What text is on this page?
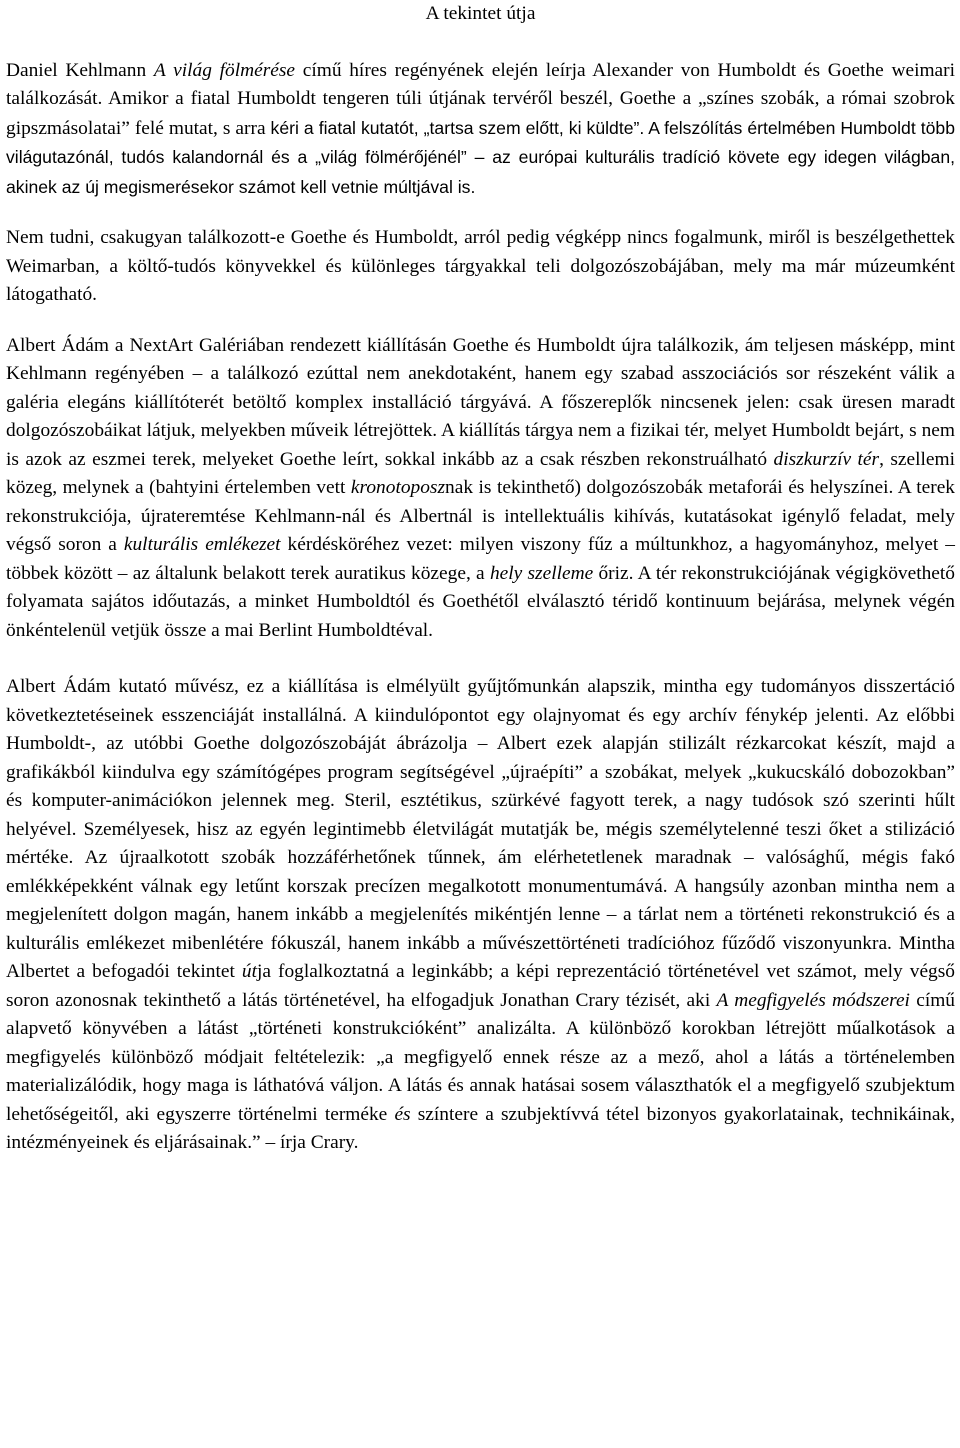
A tekintet útja

Daniel Kehlmann A világ fölmérése című híres regényének elején leírja Alexander von Humboldt és Goethe weimari találkozását. Amikor a fiatal Humboldt tengeren túli útjának tervéről beszél, Goethe a „színes szobák, a római szobrok gipszmásolatai” felé mutat, s arra kéri a fiatal kutatót, „tartsa szem előtt, ki küldte”. A felszólítás értelmében Humboldt több világutazónál, tudós kalandornál és a „világ fölmérőjénél” – az európai kulturális tradíció követe egy idegen világban, akinek az új megismerésekor számot kell vetnie múltjával is.

Nem tudni, csakugyan találkozott-e Goethe és Humboldt, arról pedig végképp nincs fogalmunk, miről is beszélgethettek Weimarban, a költő-tudós könyvekkel és különleges tárgyakkal teli dolgozószobájában, mely ma már múzeumként látogatható.

Albert Ádám a NextArt Galériában rendezett kiállításán Goethe és Humboldt újra találkozik, ám teljesen másképp, mint Kehlmann regényében – a találkozó ezúttal nem anekdotaként, hanem egy szabad asszociációs sor részeként válik a galéria elegáns kiállítóterét betöltő komplex installáció tárgyává. A főszereplők nincsenek jelen: csak üresen maradt dolgozószobáikat látjuk, melyekben műveik létrejöttek. A kiállítás tárgya nem a fizikai tér, melyet Humboldt bejárt, s nem is azok az eszmei terek, melyeket Goethe leírt, sokkal inkább az a csak részben rekonstruálható diszkurzív tér, szellemi közeg, melynek a (bahtyini értelemben vett kronotoposznak is tekinthető) dolgozószobák metaforái és helyszínei. A terek rekonstrukciója, újrateremtése Kehlmann-nál és Albertnál is intellektuális kihívás, kutatásokat igénylő feladat, mely végső soron a kulturális emlékezet kérdésköréhez vezet: milyen viszony fűz a múltunkhoz, a hagyományhoz, melyet – többek között – az általunk belakott terek auratikus közege, a hely szelleme őriz. A tér rekonstrukciójának végigkövethető folyamata sajátos időutazás, a minket Humboldtól és Goethétől elválasztó téridő kontinuum bejárása, melynek végén önkéntelenül vetjük össze a mai Berlint Humboldtéval.

Albert Ádám kutató művész, ez a kiállítása is elmélyült gyűjtőmunkán alapszik, mintha egy tudományos disszertáció következtetéseinek esszenciáját installálná. A kiindulópontot egy olajnyomat és egy archív fénykép jelenti. Az előbbi Humboldt-, az utóbbi Goethe dolgozószobáját ábrázolja – Albert ezek alapján stilizált rézkarcokat készít, majd a grafikákból kiindulva egy számítógépes program segítségével „újraépíti” a szobákat, melyek „kukucskáló dobozokban” és komputer-animációkon jelennek meg. Steril, esztétikus, szürkévé fagyott terek, a nagy tudósok szó szerinti hűlt helyével. Személyesek, hisz az egyén legintimebb életvilágát mutatják be, mégis személytelenné teszi őket a stilizáció mértéke. Az újraalkotott szobák hozzáférhetőnek tűnnek, ám elérhetetlenek maradnak – valósághű, mégis fakó emlékképekként válnak egy letűnt korszak precízen megalkotott monumentumává. A hangsúly azonban mintha nem a megjelenített dolgon magán, hanem inkább a megjelenítés mikéntjén lenne – a tárlat nem a történeti rekonstrukció és a kulturális emlékezet mibenlétére fókuszál, hanem inkább a művészettörténeti tradícióhoz fűződő viszonyunkra. Mintha Albertet a befogadói tekintet útja foglalkoztatná a leginkább; a képi reprezentáció történetével vet számot, mely végső soron azonosnak tekinthető a látás történetével, ha elfogadjuk Jonathan Crary tézisét, aki A megfigyelés módszerei című alapvető könyvében a látást „történeti konstrukcióként” analizálta. A különböző korokban létrejött műalkotások a megfigyelés különböző módjait feltételezik: „a megfigyelő ennek része az a mező, ahol a látás a történelemben materializálódik, hogy maga is láthatóvá váljon. A látás és annak hatásai sosem választhatók el a megfigyelő szubjektum lehetőségeitől, aki egyszerre történelmi terméke és színtere a szubjektívvá tétel bizonyos gyakorlatainak, technikáinak, intézményeinek és eljárásainak.” – írja Crary.
